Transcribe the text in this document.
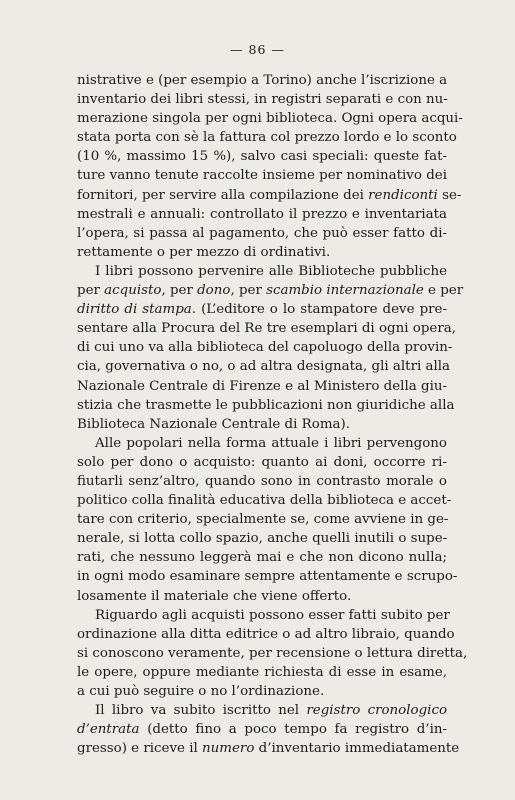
— 86 —
nistrative e (per esempio a Torino) anche l’iscrizione a
inventario dei libri stessi, in registri separati e con nu-
merazione singola per ogni biblioteca. Ogni opera acqui-
stata porta con sè la fattura col prezzo lordo e lo sconto
(10 %, massimo 15 %), salvo casi speciali: queste fat-
ture vanno tenute raccolte insieme per nominativo dei
fornitori, per servire alla compilazione dei rendiconti se-
mestrali e annuali: controllato il prezzo e inventariata
l’opera, si passa al pagamento, che può esser fatto di-
rettamente o per mezzo di ordinativi.
I libri possono pervenire alle Biblioteche pubbliche
per acquisto, per dono, per scambio internazionale e per
diritto di stampa. (L’editore o lo stampatore deve pre-
sentare alla Procura del Re tre esemplari di ogni opera,
di cui uno va alla biblioteca del capoluogo della provin-
cia, governativa o no, o ad altra designata, gli altri alla
Nazionale Centrale di Firenze e al Ministero della giu-
stizia che trasmette le pubblicazioni non giuridiche alla
Biblioteca Nazionale Centrale di Roma).
Alle popolari nella forma attuale i libri pervengono
solo per dono o acquisto: quanto ai doni, occorre ri-
fiutarli senz’altro, quando sono in contrasto morale o
politico colla finalità educativa della biblioteca e accet-
tare con criterio, specialmente se, come avviene in ge-
nerale, si lotta collo spazio, anche quelli inutili o supe-
rati, che nessuno leggerà mai e che non dicono nulla;
in ogni modo esaminare sempre attentamente e scrupo-
losamente il materiale che viene offerto.
Riguardo agli acquisti possono esser fatti subito per
ordinazione alla ditta editrice o ad altro libraio, quando
si conoscono veramente, per recensione o lettura diretta,
le opere, oppure mediante richiesta di esse in esame,
a cui può seguire o no l’ordinazione.
Il libro va subito iscritto nel registro cronologico
d’entrata (detto fino a poco tempo fa registro d’in-
gresso) e riceve il numero d’inventario immediatamente
